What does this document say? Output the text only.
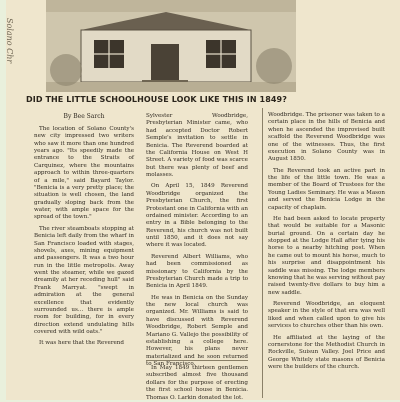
Solano Chr
DID THE LITTLE SCHOOLHOUSE LOOK LIKE THIS IN 1849?
By Bee Sarch

The location of Solano County's new city impressed two writers who saw it more than one hundred years ago. "Its speedily made the entrance to the Straits of Carquinez, where the mountains approach to within three-quarters of a mile," said Bayard Taylor. "Benicia is a very pretty place; the situation is well chosen, the land gradually sloping back from the water, with ample space for the spread of the town."

The river steamboats stopping at Benicia left daily from the wharf in San Francisco loaded with stages, shovels, axes, mining equipment and passengers. It was a two hour run in the little metropolis. Away went the steamer, while we gazed dreamily at her receding hull" said Frank Marryat. "swept in admiration at the general excellence that evidently surrounded us... there is ample room for building, for in every direction extend undulating hills covered with wild oats."

It was here that the Reverend

Sylvester Woodbridge, Presbyterian Minister came, who had accepted Doctor Robert Semple's invitation to settle in Benicia. The Reverend boarded at the California House on West H Street. A variety of food was scarce but there was plenty of beef and molasses.

On April 15, 1849 Reverend Woodbridge organized the Presbyterian Church, the first Protestant one in California with an ordained minister. According to an entry in a Bible belonging to the Reverend, his church was not built until 1850, and it does not say where it was located.

Reverend Albert Williams, who had been commissioned as missionary to California by the Presbyterian Church made a trip to Benicia in April 1849.

He was in Benicia on the Sunday the new local church was organized. Mr. Williams is said to have discussed with Reverend Woodbridge, Robert Semple and Mariano G. Vallejo the possibility of establishing a college here. However, his plans never materialized and he soon returned to San Francisco.

In May 1849 thirteen gentlemen subscribed almost five thousand dollars for the purpose of erecting the first school house in Benicia. Thomas O. Larkin donated the lot.

Woodbridge. The prisoner was taken to a certain place in the hills of Benicia and when he ascended the improvised built scaffold the Reverend Woodbridge was one of the witnesses. Thus, the first execution in Solano County was in August 1850.

The Reverend took an active part in the life of the little town. He was a member of the Board of Trustees for the Young Ladies Seminary. He was a Mason and served the Benicia Lodge in the capacity of chaplain.

He had been asked to locate property that would be suitable for a Masonic burial ground. On a certain day he stopped at the Lodge Hall after tying his horse to a nearby hitching post. When he came out to mount his horse, much to his surprise and disappointment his saddle was missing. The lodge members knowing that he was serving without pay raised twenty-five dollars to buy him a new saddle.

Reverend Woodbridge, an eloquent speaker in the style of that era was well liked and when called upon to give his services to churches other than his own.

He affiliated at the laying of the cornerstone for the Methodist Church in Rockville, Suisun Valley. Joel Price and George Whitely state masons of Benicia were the builders of the church.
